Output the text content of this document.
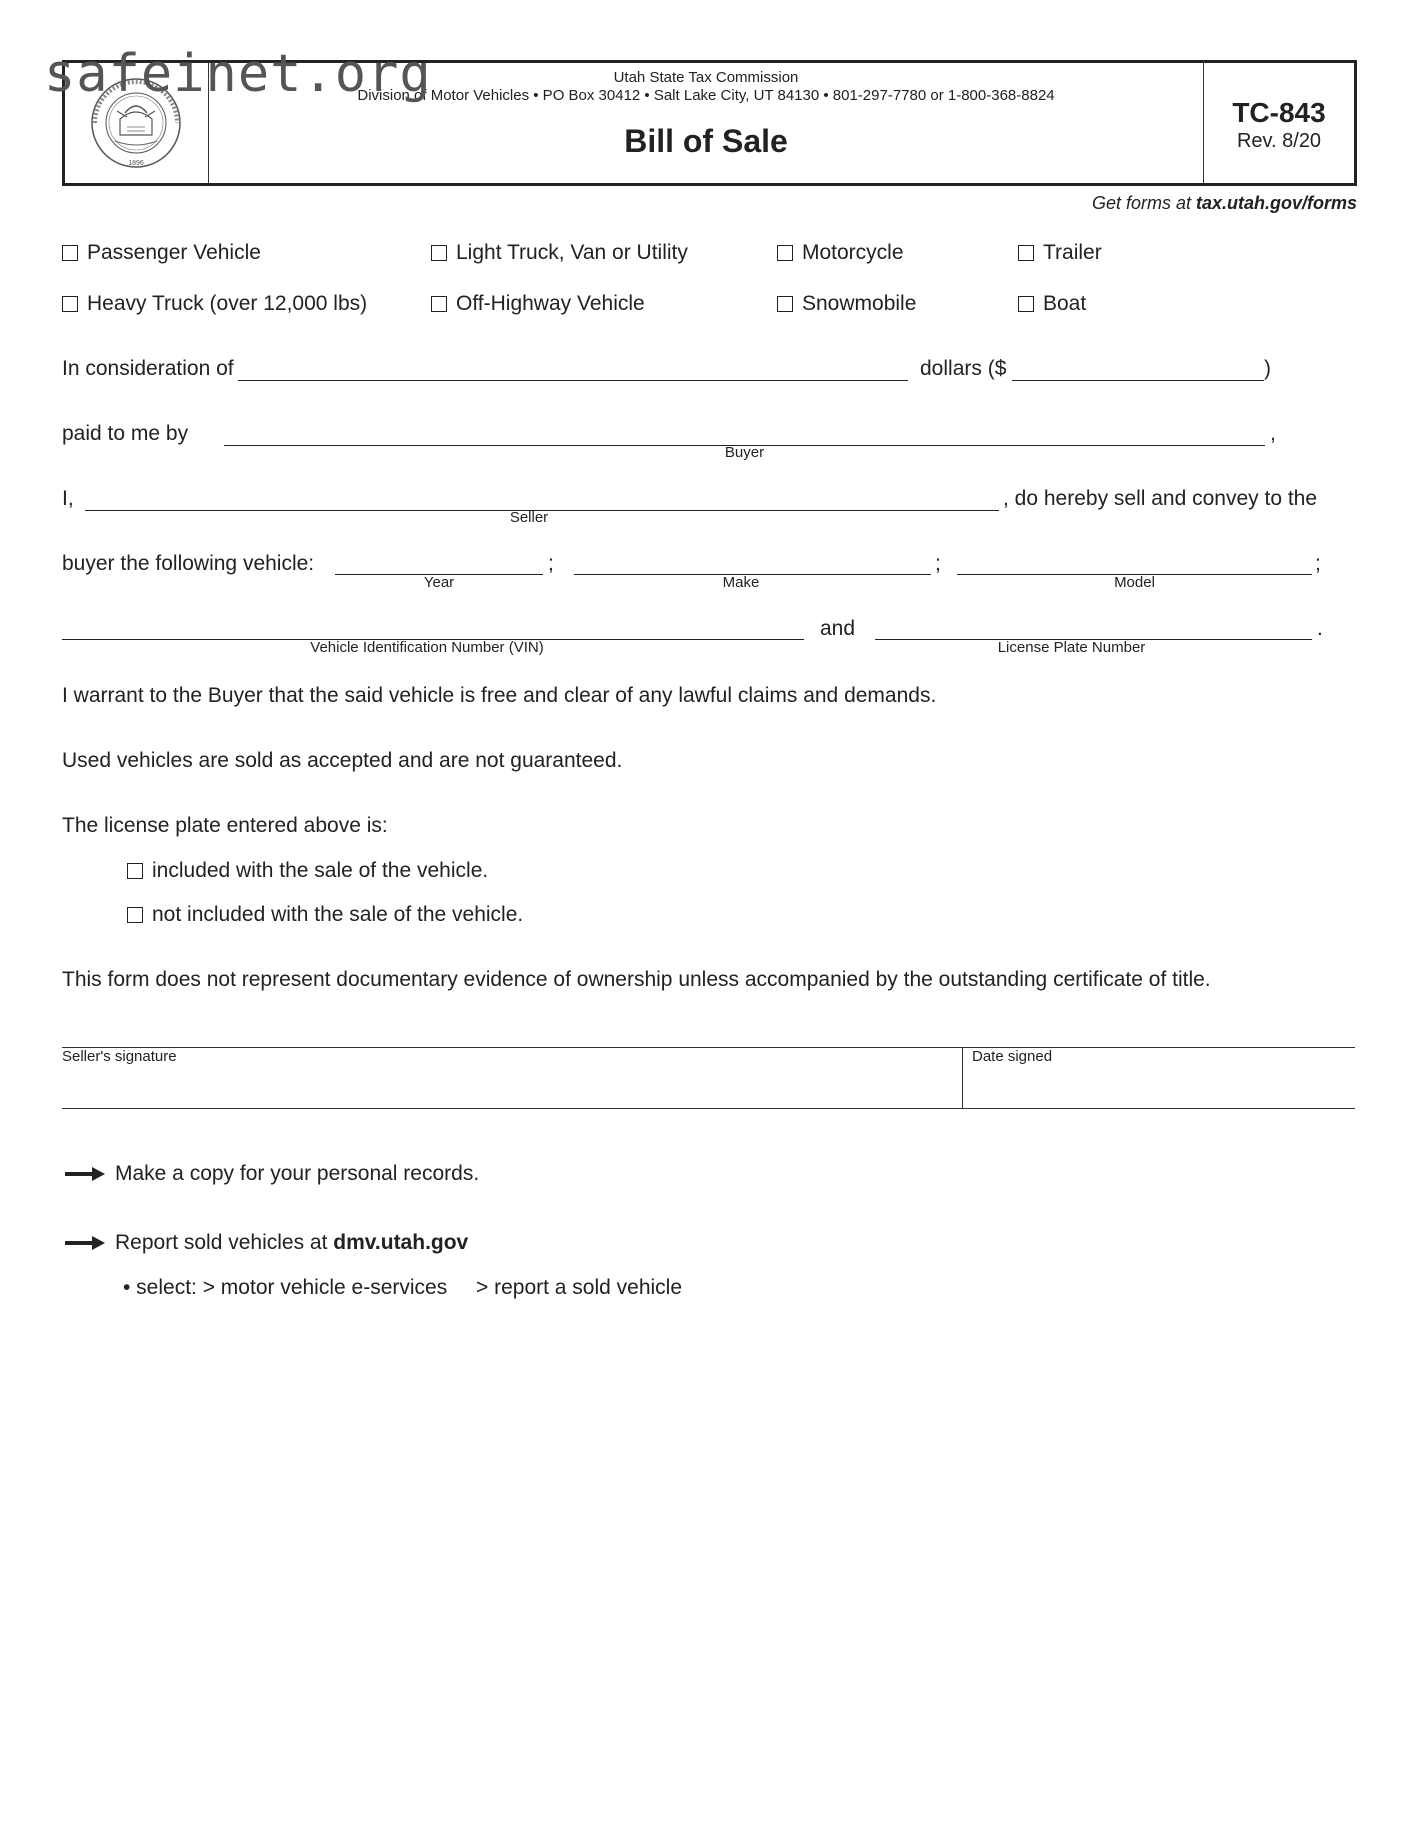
safeinet.org
1896
Utah State Tax Commission
Division of Motor Vehicles • PO Box 30412 • Salt Lake City, UT 84130 • 801-297-7780 or 1-800-368-8824
Bill of Sale
TC-843
Rev. 8/20
Get forms at tax.utah.gov/forms
Passenger Vehicle	Light Truck, Van or Utility	Motorcycle	Trailer
Heavy Truck (over 12,000 lbs)	Off-Highway Vehicle	Snowmobile	Boat
In consideration of	dollars ($	)
paid to me by	,
Buyer
I,	, do hereby sell and convey to the
Seller
buyer the following vehicle:	;	;	;
Year	Make	Model
and	.
Vehicle Identification Number (VIN)	License Plate Number
I warrant to the Buyer that the said vehicle is free and clear of any lawful claims and demands.
Used vehicles are sold as accepted and are not guaranteed.
The license plate entered above is:
included with the sale of the vehicle.
not included with the sale of the vehicle.
This form does not represent documentary evidence of ownership unless accompanied by the outstanding certificate of title.
Seller's signature	Date signed
Make a copy for your personal records.
Report sold vehicles at dmv.utah.gov
• select: > motor vehicle e-services > report a sold vehicle
